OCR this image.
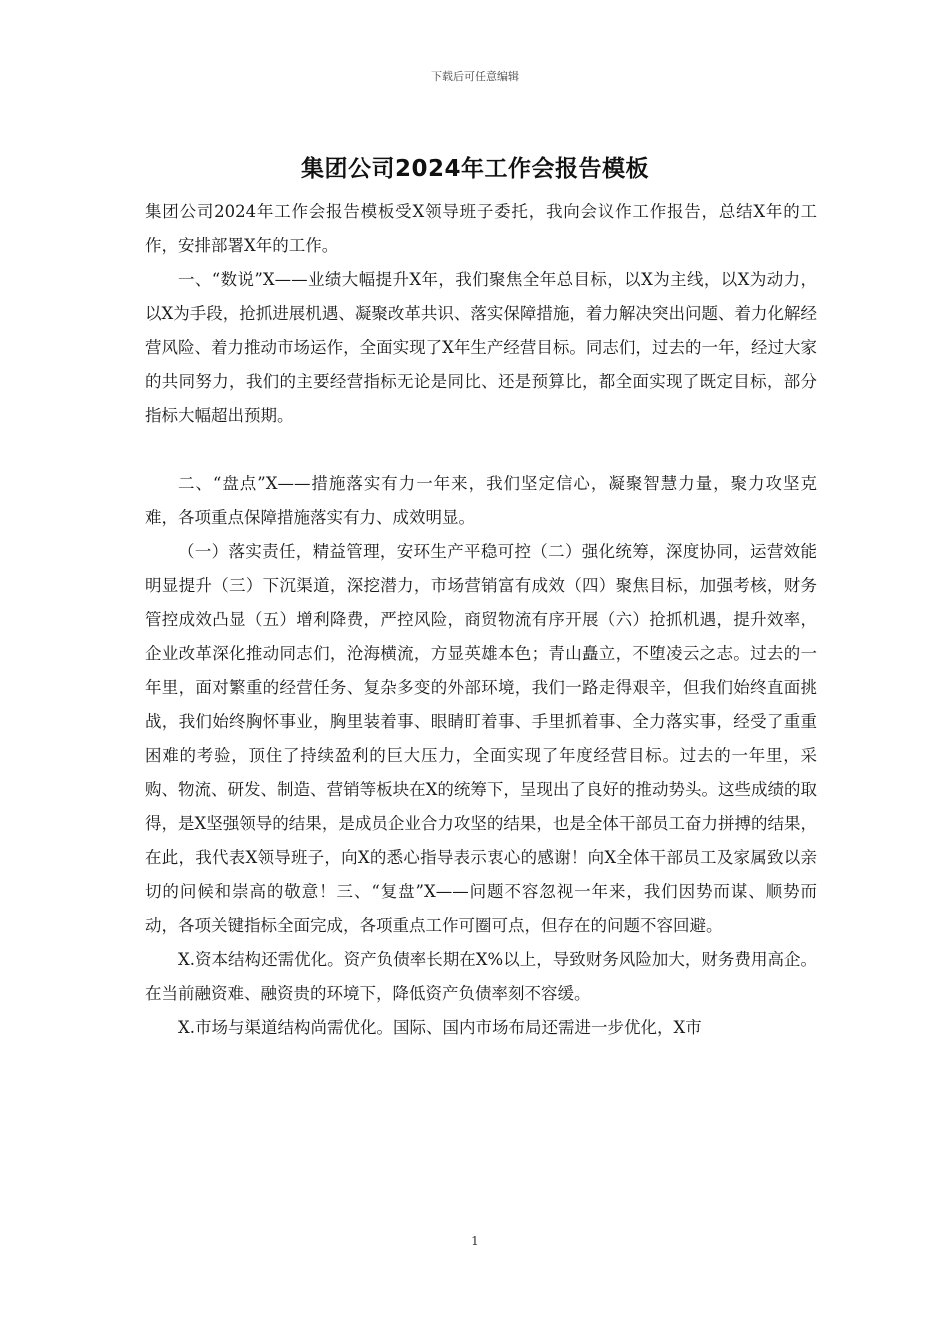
下载后可任意编辑
集团公司2024年工作会报告模板

集团公司2024年工作会报告模板受X领导班子委托，我向会议作工作报告，总结X年的工作，安排部署X年的工作。

一、“数说”X——业绩大幅提升X年，我们聚焦全年总目标，以X为主线，以X为动力，以X为手段，抢抓进展机遇、凝聚改革共识、落实保障措施，着力解决突出问题、着力化解经营风险、着力推动市场运作，全面实现了X年生产经营目标。同志们，过去的一年，经过大家的共同努力，我们的主要经营指标无论是同比、还是预算比，都全面实现了既定目标，部分指标大幅超出预期。

二、“盘点”X——措施落实有力一年来，我们坚定信心，凝聚智慧力量，聚力攻坚克难，各项重点保障措施落实有力、成效明显。

（一）落实责任，精益管理，安环生产平稳可控（二）强化统筹，深度协同，运营效能明显提升（三）下沉渠道，深挖潜力，市场营销富有成效（四）聚焦目标，加强考核，财务管控成效凸显（五）增利降费，严控风险，商贸物流有序开展（六）抢抓机遇，提升效率，企业改革深化推动同志们，沧海横流，方显英雄本色；青山矗立，不堕凌云之志。过去的一年里，面对繁重的经营任务、复杂多变的外部环境，我们一路走得艰辛，但我们始终直面挑战，我们始终胸怀事业，胸里装着事、眼睛盯着事、手里抓着事、全力落实事，经受了重重困难的考验，顶住了持续盈利的巨大压力，全面实现了年度经营目标。过去的一年里，采购、物流、研发、制造、营销等板块在X的统筹下，呈现出了良好的推动势头。这些成绩的取得，是X坚强领导的结果，是成员企业合力攻坚的结果，也是全体干部员工奋力拼搏的结果，在此，我代表X领导班子，向X的悉心指导表示衷心的感谢！向X全体干部员工及家属致以亲切的问候和崇高的敬意！三、“复盘”X——问题不容忽视一年来，我们因势而谋、顺势而动，各项关键指标全面完成，各项重点工作可圈可点，但存在的问题不容回避。

X.资本结构还需优化。资产负债率长期在X%以上，导致财务风险加大，财务费用高企。在当前融资难、融资贵的环境下，降低资产负债率刻不容缓。

X.市场与渠道结构尚需优化。国际、国内市场布局还需进一步优化，X市

1
